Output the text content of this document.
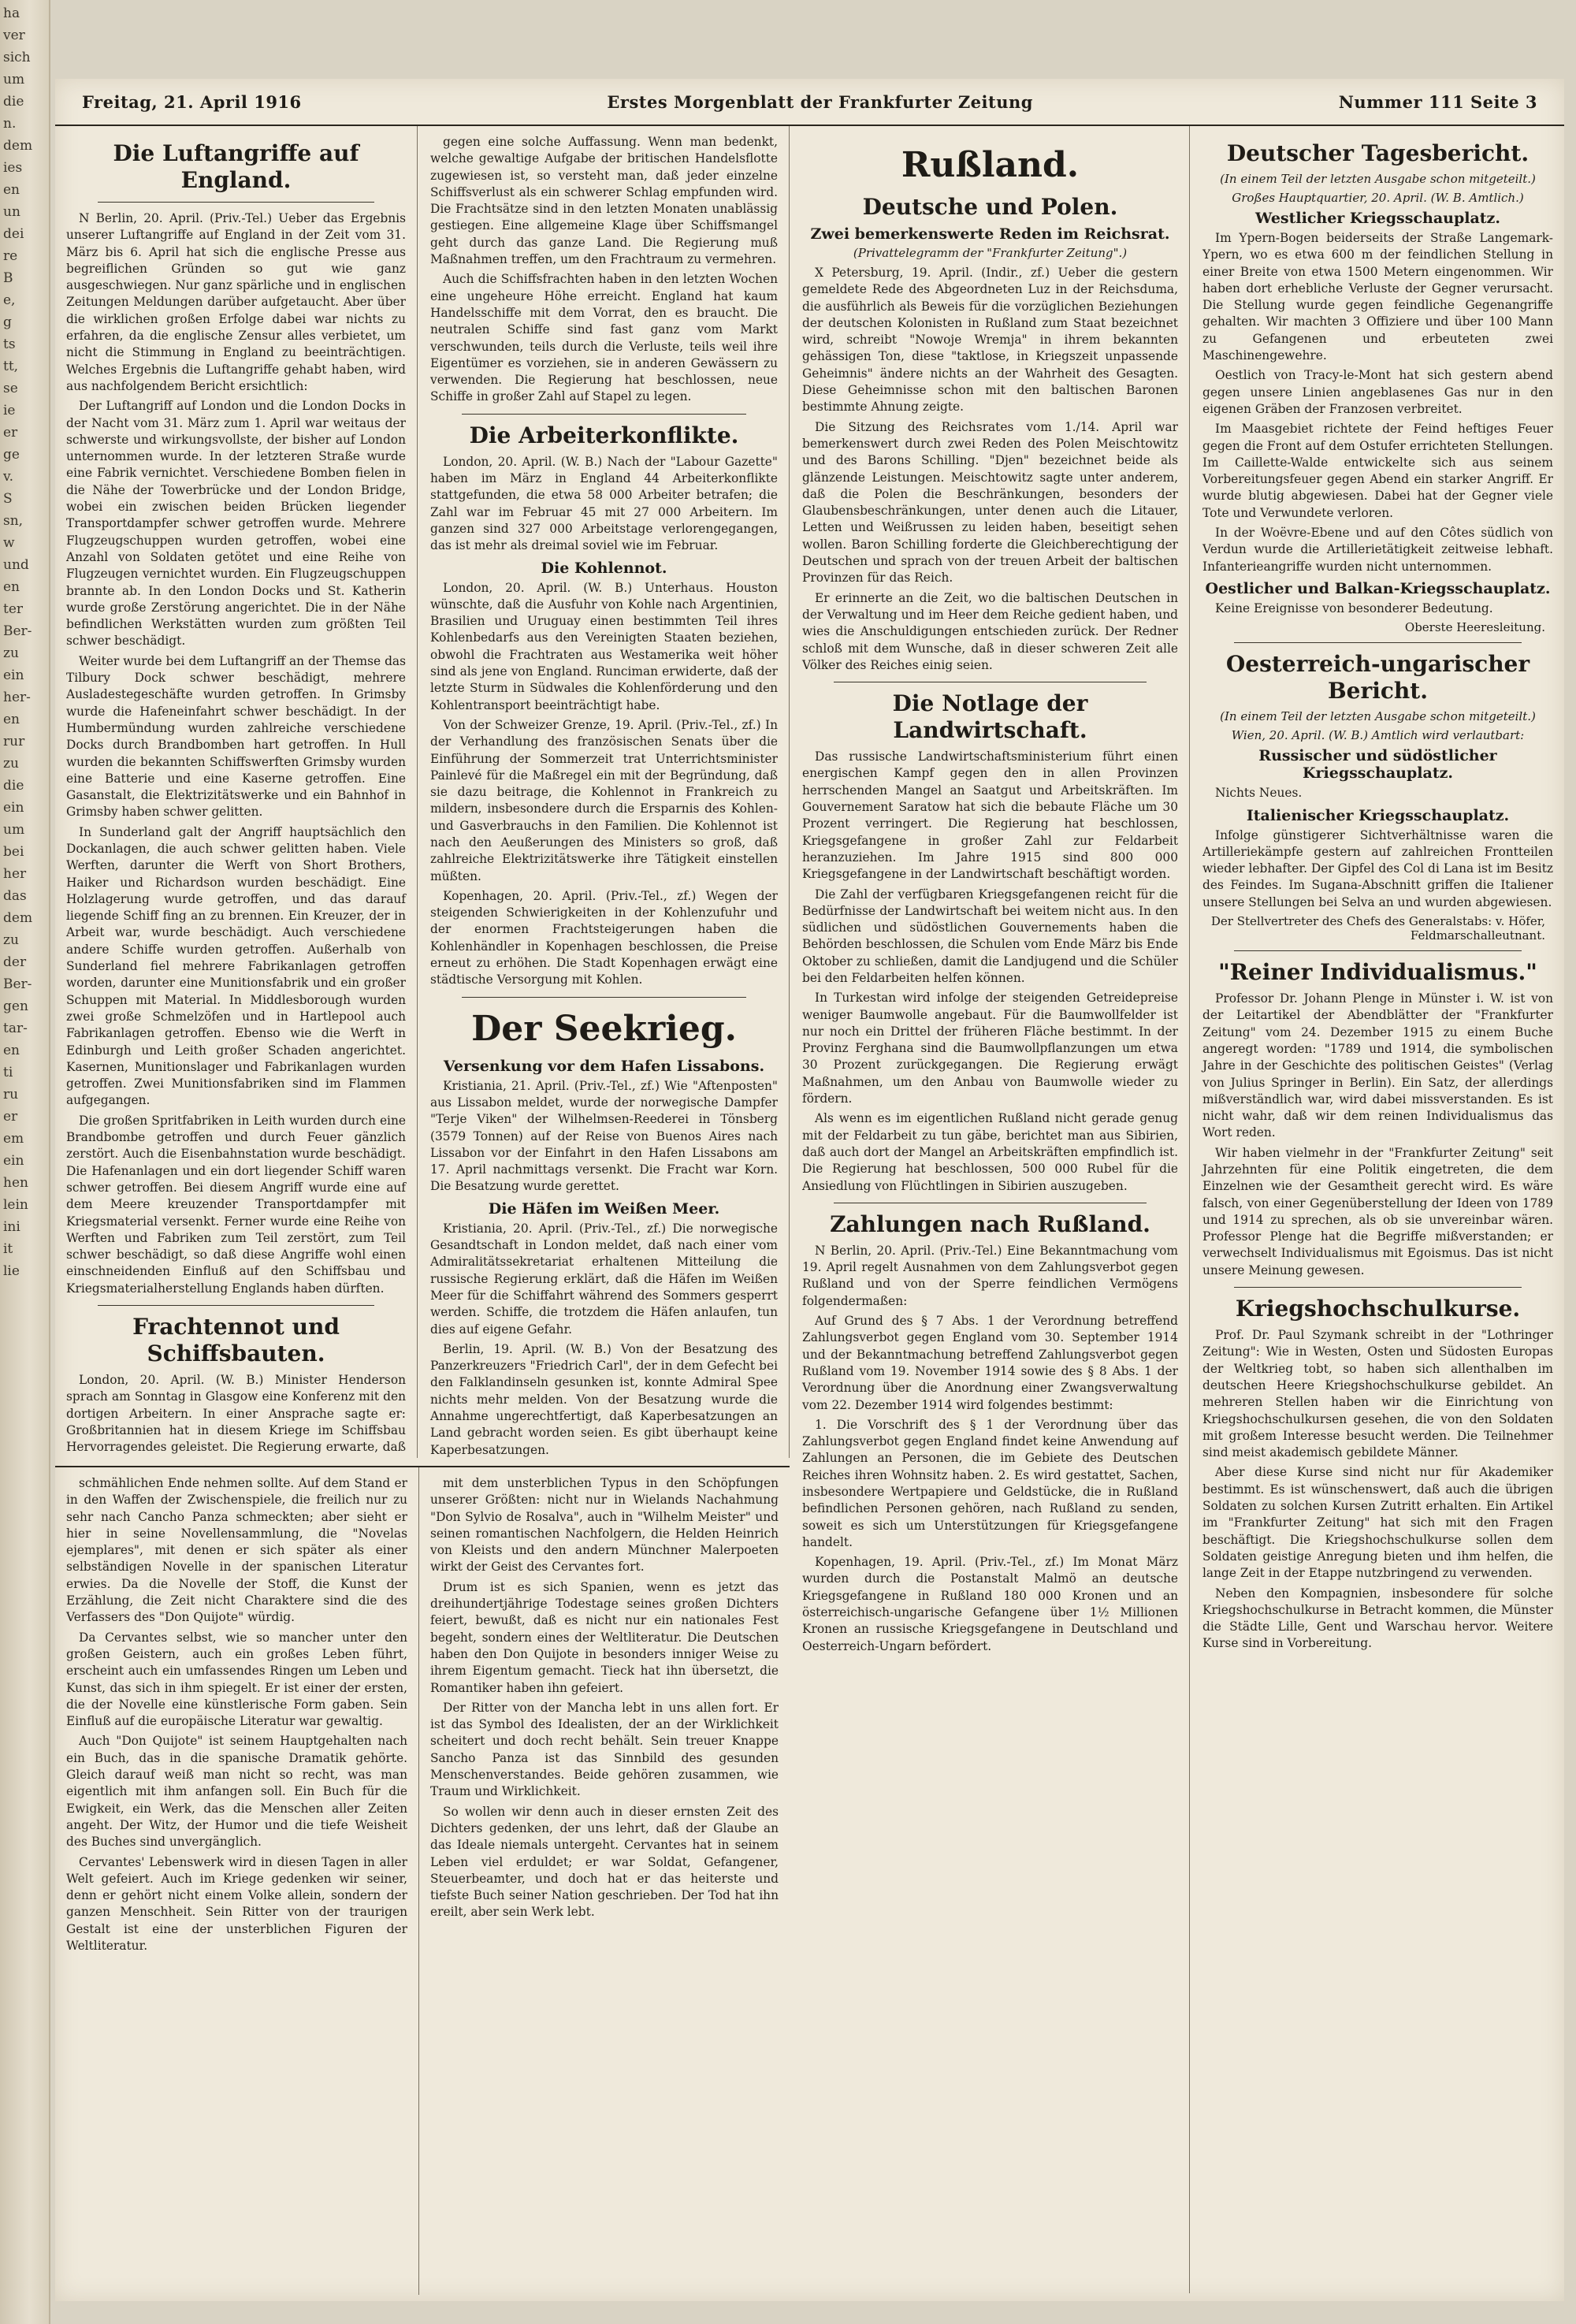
ha
ver
sich
um
die
n.
dem
ies
en
un
dei
re
B
e,
g
ts
tt,
se
ie
er
ge
v.
S
sn,
w
und
en
ter
Ber-
zu
ein
her-
en
rur
zu
die
ein
um
bei
her
das
dem
zu
der
Ber-
gen
tar-
en
ti
ru
er
em
ein
hen
lein
ini
it
lie
Freitag, 21. April 1916	Erstes Morgenblatt der Frankfurter Zeitung	Nummer 111 Seite 3
Die Luftangriffe auf England.

N Berlin, 20. April. (Priv.-Tel.) Ueber das Ergebnis unserer Luftangriffe auf England in der Zeit vom 31. März bis 6. April hat sich die englische Presse aus begreiflichen Gründen so gut wie ganz ausgeschwiegen. Nur ganz spärliche und in englischen Zeitungen Meldungen darüber aufgetaucht. Aber über die wirklichen großen Erfolge dabei war nichts zu erfahren, da die englische Zensur alles verbietet, um nicht die Stimmung in England zu beeinträchtigen. Welches Ergebnis die Luftangriffe gehabt haben, wird aus nachfolgendem Bericht ersichtlich:

Der Luftangriff auf London und die London Docks in der Nacht vom 31. März zum 1. April war weitaus der schwerste und wirkungsvollste, der bisher auf London unternommen wurde. In der letzteren Straße wurde eine Fabrik vernichtet. Verschiedene Bomben fielen in die Nähe der Towerbrücke und der London Bridge, wobei ein zwischen beiden Brücken liegender Transportdampfer schwer getroffen wurde. Mehrere Flugzeugschuppen wurden getroffen, wobei eine Anzahl von Soldaten getötet und eine Reihe von Flugzeugen vernichtet wurden. Ein Flugzeugschuppen brannte ab. In den London Docks und St. Katherin wurde große Zerstörung angerichtet. Die in der Nähe befindlichen Werkstätten wurden zum größten Teil schwer beschädigt.

Weiter wurde bei dem Luftangriff an der Themse das Tilbury Dock schwer beschädigt, mehrere Ausladestegeschäfte wurden getroffen. In Grimsby wurde die Hafeneinfahrt schwer beschädigt. In der Humbermündung wurden zahlreiche verschiedene Docks durch Brandbomben hart getroffen. In Hull wurden die bekannten Schiffswerften Grimsby wurden eine Batterie und eine Kaserne getroffen. Eine Gasanstalt, die Elektrizitätswerke und ein Bahnhof in Grimsby haben schwer gelitten.

In Sunderland galt der Angriff hauptsächlich den Dockanlagen, die auch schwer gelitten haben. Viele Werften, darunter die Werft von Short Brothers, Haiker und Richardson wurden beschädigt. Eine Holzlagerung wurde getroffen, und das darauf liegende Schiff fing an zu brennen. Ein Kreuzer, der in Arbeit war, wurde beschädigt. Auch verschiedene andere Schiffe wurden getroffen. Außerhalb von Sunderland fiel mehrere Fabrikanlagen getroffen worden, darunter eine Munitionsfabrik und ein großer Schuppen mit Material. In Middlesborough wurden zwei große Schmelzöfen und in Hartlepool auch Fabrikanlagen getroffen. Ebenso wie die Werft in Edinburgh und Leith großer Schaden angerichtet. Kasernen, Munitionslager und Fabrikanlagen wurden getroffen. Zwei Munitionsfabriken sind im Flammen aufgegangen.

Die großen Spritfabriken in Leith wurden durch eine Brandbombe getroffen und durch Feuer gänzlich zerstört. Auch die Eisenbahnstation wurde beschädigt. Die Hafenanlagen und ein dort liegender Schiff waren schwer getroffen. Bei diesem Angriff wurde eine auf dem Meere kreuzender Transportdampfer mit Kriegsmaterial versenkt. Ferner wurde eine Reihe von Werften und Fabriken zum Teil zerstört, zum Teil schwer beschädigt, so daß diese Angriffe wohl einen einschneidenden Einfluß auf den Schiffsbau und Kriegsmaterialherstellung Englands haben dürften.

Frachtennot und Schiffsbauten.

London, 20. April. (W. B.) Minister Henderson sprach am Sonntag in Glasgow eine Konferenz mit den dortigen Arbeitern. In einer Ansprache sagte er: Großbritannien hat in diesem Kriege im Schiffsbau Hervorragendes geleistet. Die Regierung erwarte, daß

gegen eine solche Auffassung. Wenn man bedenkt, welche gewaltige Aufgabe der britischen Handelsflotte zugewiesen ist, so versteht man, daß jeder einzelne Schiffsverlust als ein schwerer Schlag empfunden wird. Die Frachtsätze sind in den letzten Monaten unablässig gestiegen. Eine allgemeine Klage über Schiffsmangel geht durch das ganze Land. Die Regierung muß Maßnahmen treffen, um den Frachtraum zu vermehren.

Auch die Schiffsfrachten haben in den letzten Wochen eine ungeheure Höhe erreicht. England hat kaum Handelsschiffe mit dem Vorrat, den es braucht. Die neutralen Schiffe sind fast ganz vom Markt verschwunden, teils durch die Verluste, teils weil ihre Eigentümer es vorziehen, sie in anderen Gewässern zu verwenden. Die Regierung hat beschlossen, neue Schiffe in großer Zahl auf Stapel zu legen.

Die Arbeiterkonflikte.

London, 20. April. (W. B.) Nach der "Labour Gazette" haben im März in England 44 Arbeiterkonflikte stattgefunden, die etwa 58 000 Arbeiter betrafen; die Zahl war im Februar 45 mit 27 000 Arbeitern. Im ganzen sind 327 000 Arbeitstage verlorengegangen, das ist mehr als dreimal soviel wie im Februar.

Die Kohlennot.

London, 20. April. (W. B.) Unterhaus. Houston wünschte, daß die Ausfuhr von Kohle nach Argentinien, Brasilien und Uruguay einen bestimmten Teil ihres Kohlenbedarfs aus den Vereinigten Staaten beziehen, obwohl die Frachtraten aus Westamerika weit höher sind als jene von England. Runciman erwiderte, daß der letzte Sturm in Südwales die Kohlenförderung und den Kohlentransport beeinträchtigt habe.

Von der Schweizer Grenze, 19. April. (Priv.-Tel., zf.) In der Verhandlung des französischen Senats über die Einführung der Sommerzeit trat Unterrichtsminister Painlevé für die Maßregel ein mit der Begründung, daß sie dazu beitrage, die Kohlennot in Frankreich zu mildern, insbesondere durch die Ersparnis des Kohlen- und Gasverbrauchs in den Familien. Die Kohlennot ist nach den Aeußerungen des Ministers so groß, daß zahlreiche Elektrizitätswerke ihre Tätigkeit einstellen müßten.

Kopenhagen, 20. April. (Priv.-Tel., zf.) Wegen der steigenden Schwierigkeiten in der Kohlenzufuhr und der enormen Frachtsteigerungen haben die Kohlenhändler in Kopenhagen beschlossen, die Preise erneut zu erhöhen. Die Stadt Kopenhagen erwägt eine städtische Versorgung mit Kohlen.

Der Seekrieg.
Versenkung vor dem Hafen Lissabons.

Kristiania, 21. April. (Priv.-Tel., zf.) Wie "Aftenposten" aus Lissabon meldet, wurde der norwegische Dampfer "Terje Viken" der Wilhelmsen-Reederei in Tönsberg (3579 Tonnen) auf der Reise von Buenos Aires nach Lissabon vor der Einfahrt in den Hafen Lissabons am 17. April nachmittags versenkt. Die Fracht war Korn. Die Besatzung wurde gerettet.

Die Häfen im Weißen Meer.

Kristiania, 20. April. (Priv.-Tel., zf.) Die norwegische Gesandtschaft in London meldet, daß nach einer vom Admiralitätssekretariat erhaltenen Mitteilung die russische Regierung erklärt, daß die Häfen im Weißen Meer für die Schiffahrt während des Sommers gesperrt werden. Schiffe, die trotzdem die Häfen anlaufen, tun dies auf eigene Gefahr.

Berlin, 19. April. (W. B.) Von der Besatzung des Panzerkreuzers "Friedrich Carl", der in dem Gefecht bei den Falklandinseln gesunken ist, konnte Admiral Spee nichts mehr melden. Von der Besatzung wurde die Annahme ungerechtfertigt, daß Kaperbesatzungen an Land gebracht worden seien. Es gibt überhaupt keine Kaperbesatzungen.

Rußland.
Deutsche und Polen.
Zwei bemerkenswerte Reden im Reichsrat.
(Privattelegramm der "Frankfurter Zeitung".)

X Petersburg, 19. April. (Indir., zf.) Ueber die gestern gemeldete Rede des Abgeordneten Luz in der Reichsduma, die ausführlich als Beweis für die vorzüglichen Beziehungen der deutschen Kolonisten in Rußland zum Staat bezeichnet wird, schreibt "Nowoje Wremja" in ihrem bekannten gehässigen Ton, diese "taktlose, in Kriegszeit unpassende Geheimnis" ändere nichts an der Wahrheit des Gesagten. Diese Geheimnisse schon mit den baltischen Baronen bestimmte Ahnung zeigte.

Die Sitzung des Reichsrates vom 1./14. April war bemerkenswert durch zwei Reden des Polen Meischtowitz und des Barons Schilling. "Djen" bezeichnet beide als glänzende Leistungen. Meischtowitz sagte unter anderem, daß die Polen die Beschränkungen, besonders der Glaubensbeschränkungen, unter denen auch die Litauer, Letten und Weißrussen zu leiden haben, beseitigt sehen wollen. Baron Schilling forderte die Gleichberechtigung der Deutschen und sprach von der treuen Arbeit der baltischen Provinzen für das Reich.

Er erinnerte an die Zeit, wo die baltischen Deutschen in der Verwaltung und im Heer dem Reiche gedient haben, und wies die Anschuldigungen entschieden zurück. Der Redner schloß mit dem Wunsche, daß in dieser schweren Zeit alle Völker des Reiches einig seien.

Die Notlage der Landwirtschaft.

Das russische Landwirtschaftsministerium führt einen energischen Kampf gegen den in allen Provinzen herrschenden Mangel an Saatgut und Arbeitskräften. Im Gouvernement Saratow hat sich die bebaute Fläche um 30 Prozent verringert. Die Regierung hat beschlossen, Kriegsgefangene in großer Zahl zur Feldarbeit heranzuziehen. Im Jahre 1915 sind 800 000 Kriegsgefangene in der Landwirtschaft beschäftigt worden.

Die Zahl der verfügbaren Kriegsgefangenen reicht für die Bedürfnisse der Landwirtschaft bei weitem nicht aus. In den südlichen und südöstlichen Gouvernements haben die Behörden beschlossen, die Schulen vom Ende März bis Ende Oktober zu schließen, damit die Landjugend und die Schüler bei den Feldarbeiten helfen können.

In Turkestan wird infolge der steigenden Getreidepreise weniger Baumwolle angebaut. Für die Baumwollfelder ist nur noch ein Drittel der früheren Fläche bestimmt. In der Provinz Ferghana sind die Baumwollpflanzungen um etwa 30 Prozent zurückgegangen. Die Regierung erwägt Maßnahmen, um den Anbau von Baumwolle wieder zu fördern.

Als wenn es im eigentlichen Rußland nicht gerade genug mit der Feldarbeit zu tun gäbe, berichtet man aus Sibirien, daß auch dort der Mangel an Arbeitskräften empfindlich ist. Die Regierung hat beschlossen, 500 000 Rubel für die Ansiedlung von Flüchtlingen in Sibirien auszugeben.

Zahlungen nach Rußland.

N Berlin, 20. April. (Priv.-Tel.) Eine Bekanntmachung vom 19. April regelt Ausnahmen von dem Zahlungsverbot gegen Rußland und von der Sperre feindlichen Vermögens folgendermaßen:

Auf Grund des § 7 Abs. 1 der Verordnung betreffend Zahlungsverbot gegen England vom 30. September 1914 und der Bekanntmachung betreffend Zahlungsverbot gegen Rußland vom 19. November 1914 sowie des § 8 Abs. 1 der Verordnung über die Anordnung einer Zwangsverwaltung vom 22. Dezember 1914 wird folgendes bestimmt:

1. Die Vorschrift des § 1 der Verordnung über das Zahlungsverbot gegen England findet keine Anwendung auf Zahlungen an Personen, die im Gebiete des Deutschen Reiches ihren Wohnsitz haben. 2. Es wird gestattet, Sachen, insbesondere Wertpapiere und Geldstücke, die in Rußland befindlichen Personen gehören, nach Rußland zu senden, soweit es sich um Unterstützungen für Kriegsgefangene handelt.

Kopenhagen, 19. April. (Priv.-Tel., zf.) Im Monat März wurden durch die Postanstalt Malmö an deutsche Kriegsgefangene in Rußland 180 000 Kronen und an österreichisch-ungarische Gefangene über 1½ Millionen Kronen an russische Kriegsgefangene in Deutschland und Oesterreich-Ungarn befördert.

Deutscher Tagesbericht.
(In einem Teil der letzten Ausgabe schon mitgeteilt.)
Großes Hauptquartier, 20. April. (W. B. Amtlich.)
Westlicher Kriegsschauplatz.

Im Ypern-Bogen beiderseits der Straße Langemark-Ypern, wo es etwa 600 m der feindlichen Stellung in einer Breite von etwa 1500 Metern eingenommen. Wir haben dort erhebliche Verluste der Gegner verursacht. Die Stellung wurde gegen feindliche Gegenangriffe gehalten. Wir machten 3 Offiziere und über 100 Mann zu Gefangenen und erbeuteten zwei Maschinengewehre.

Oestlich von Tracy-le-Mont hat sich gestern abend gegen unsere Linien angeblasenes Gas nur in den eigenen Gräben der Franzosen verbreitet.

Im Maasgebiet richtete der Feind heftiges Feuer gegen die Front auf dem Ostufer errichteten Stellungen. Im Caillette-Walde entwickelte sich aus seinem Vorbereitungsfeuer gegen Abend ein starker Angriff. Er wurde blutig abgewiesen. Dabei hat der Gegner viele Tote und Verwundete verloren.

In der Woëvre-Ebene und auf den Côtes südlich von Verdun wurde die Artillerietätigkeit zeitweise lebhaft. Infanterieangriffe wurden nicht unternommen.

Oestlicher und Balkan-Kriegsschauplatz.

Keine Ereignisse von besonderer Bedeutung.

Oberste Heeresleitung.
Oesterreich-ungarischer Bericht.
(In einem Teil der letzten Ausgabe schon mitgeteilt.)
Wien, 20. April. (W. B.) Amtlich wird verlautbart:
Russischer und südöstlicher Kriegsschauplatz.

Nichts Neues.

Italienischer Kriegsschauplatz.

Infolge günstigerer Sichtverhältnisse waren die Artilleriekämpfe gestern auf zahlreichen Frontteilen wieder lebhafter. Der Gipfel des Col di Lana ist im Besitz des Feindes. Im Sugana-Abschnitt griffen die Italiener unsere Stellungen bei Selva an und wurden abgewiesen.

Der Stellvertreter des Chefs des Generalstabs: v. Höfer, Feldmarschalleutnant.
"Reiner Individualismus."

Professor Dr. Johann Plenge in Münster i. W. ist von der Leitartikel der Abendblätter der "Frankfurter Zeitung" vom 24. Dezember 1915 zu einem Buche angeregt worden: "1789 und 1914, die symbolischen Jahre in der Geschichte des politischen Geistes" (Verlag von Julius Springer in Berlin). Ein Satz, der allerdings mißverständlich war, wird dabei missverstanden. Es ist nicht wahr, daß wir dem reinen Individualismus das Wort reden.

Wir haben vielmehr in der "Frankfurter Zeitung" seit Jahrzehnten für eine Politik eingetreten, die dem Einzelnen wie der Gesamtheit gerecht wird. Es wäre falsch, von einer Gegenüberstellung der Ideen von 1789 und 1914 zu sprechen, als ob sie unvereinbar wären. Professor Plenge hat die Begriffe mißverstanden; er verwechselt Individualismus mit Egoismus. Das ist nicht unsere Meinung gewesen.

Kriegshochschulkurse.

Prof. Dr. Paul Szymank schreibt in der "Lothringer Zeitung": Wie in Westen, Osten und Südosten Europas der Weltkrieg tobt, so haben sich allenthalben im deutschen Heere Kriegshochschulkurse gebildet. An mehreren Stellen haben wir die Einrichtung von Kriegshochschulkursen gesehen, die von den Soldaten mit großem Interesse besucht werden. Die Teilnehmer sind meist akademisch gebildete Männer.

Aber diese Kurse sind nicht nur für Akademiker bestimmt. Es ist wünschenswert, daß auch die übrigen Soldaten zu solchen Kursen Zutritt erhalten. Ein Artikel im "Frankfurter Zeitung" hat sich mit den Fragen beschäftigt. Die Kriegshochschulkurse sollen dem Soldaten geistige Anregung bieten und ihm helfen, die lange Zeit in der Etappe nutzbringend zu verwenden.

Neben den Kompagnien, insbesondere für solche Kriegshochschulkurse in Betracht kommen, die Münster die Städte Lille, Gent und Warschau hervor. Weitere Kurse sind in Vorbereitung.

schmählichen Ende nehmen sollte. Auf dem Stand er in den Waffen der Zwischenspiele, die freilich nur zu sehr nach Cancho Panza schmeckten; aber sieht er hier in seine Novellensammlung, die "Novelas ejemplares", mit denen er sich später als einer selbständigen Novelle in der spanischen Literatur erwies. Da die Novelle der Stoff, die Kunst der Erzählung, die Zeit nicht Charaktere sind die des Verfassers des "Don Quijote" würdig.

Da Cervantes selbst, wie so mancher unter den großen Geistern, auch ein großes Leben führt, erscheint auch ein umfassendes Ringen um Leben und Kunst, das sich in ihm spiegelt. Er ist einer der ersten, die der Novelle eine künstlerische Form gaben. Sein Einfluß auf die europäische Literatur war gewaltig.

Auch "Don Quijote" ist seinem Hauptgehalten nach ein Buch, das in die spanische Dramatik gehörte. Gleich darauf weiß man nicht so recht, was man eigentlich mit ihm anfangen soll. Ein Buch für die Ewigkeit, ein Werk, das die Menschen aller Zeiten angeht. Der Witz, der Humor und die tiefe Weisheit des Buches sind unvergänglich.

Cervantes' Lebenswerk wird in diesen Tagen in aller Welt gefeiert. Auch im Kriege gedenken wir seiner, denn er gehört nicht einem Volke allein, sondern der ganzen Menschheit. Sein Ritter von der traurigen Gestalt ist eine der unsterblichen Figuren der Weltliteratur.

mit dem unsterblichen Typus in den Schöpfungen unserer Größten: nicht nur in Wielands Nachahmung "Don Sylvio de Rosalva", auch in "Wilhelm Meister" und seinen romantischen Nachfolgern, die Helden Heinrich von Kleists und den andern Münchner Malerpoeten wirkt der Geist des Cervantes fort.

Drum ist es sich Spanien, wenn es jetzt das dreihundertjährige Todestage seines großen Dichters feiert, bewußt, daß es nicht nur ein nationales Fest begeht, sondern eines der Weltliteratur. Die Deutschen haben den Don Quijote in besonders inniger Weise zu ihrem Eigentum gemacht. Tieck hat ihn übersetzt, die Romantiker haben ihn gefeiert.

Der Ritter von der Mancha lebt in uns allen fort. Er ist das Symbol des Idealisten, der an der Wirklichkeit scheitert und doch recht behält. Sein treuer Knappe Sancho Panza ist das Sinnbild des gesunden Menschenverstandes. Beide gehören zusammen, wie Traum und Wirklichkeit.

So wollen wir denn auch in dieser ernsten Zeit des Dichters gedenken, der uns lehrt, daß der Glaube an das Ideale niemals untergeht. Cervantes hat in seinem Leben viel erduldet; er war Soldat, Gefangener, Steuerbeamter, und doch hat er das heiterste und tiefste Buch seiner Nation geschrieben. Der Tod hat ihn ereilt, aber sein Werk lebt.
